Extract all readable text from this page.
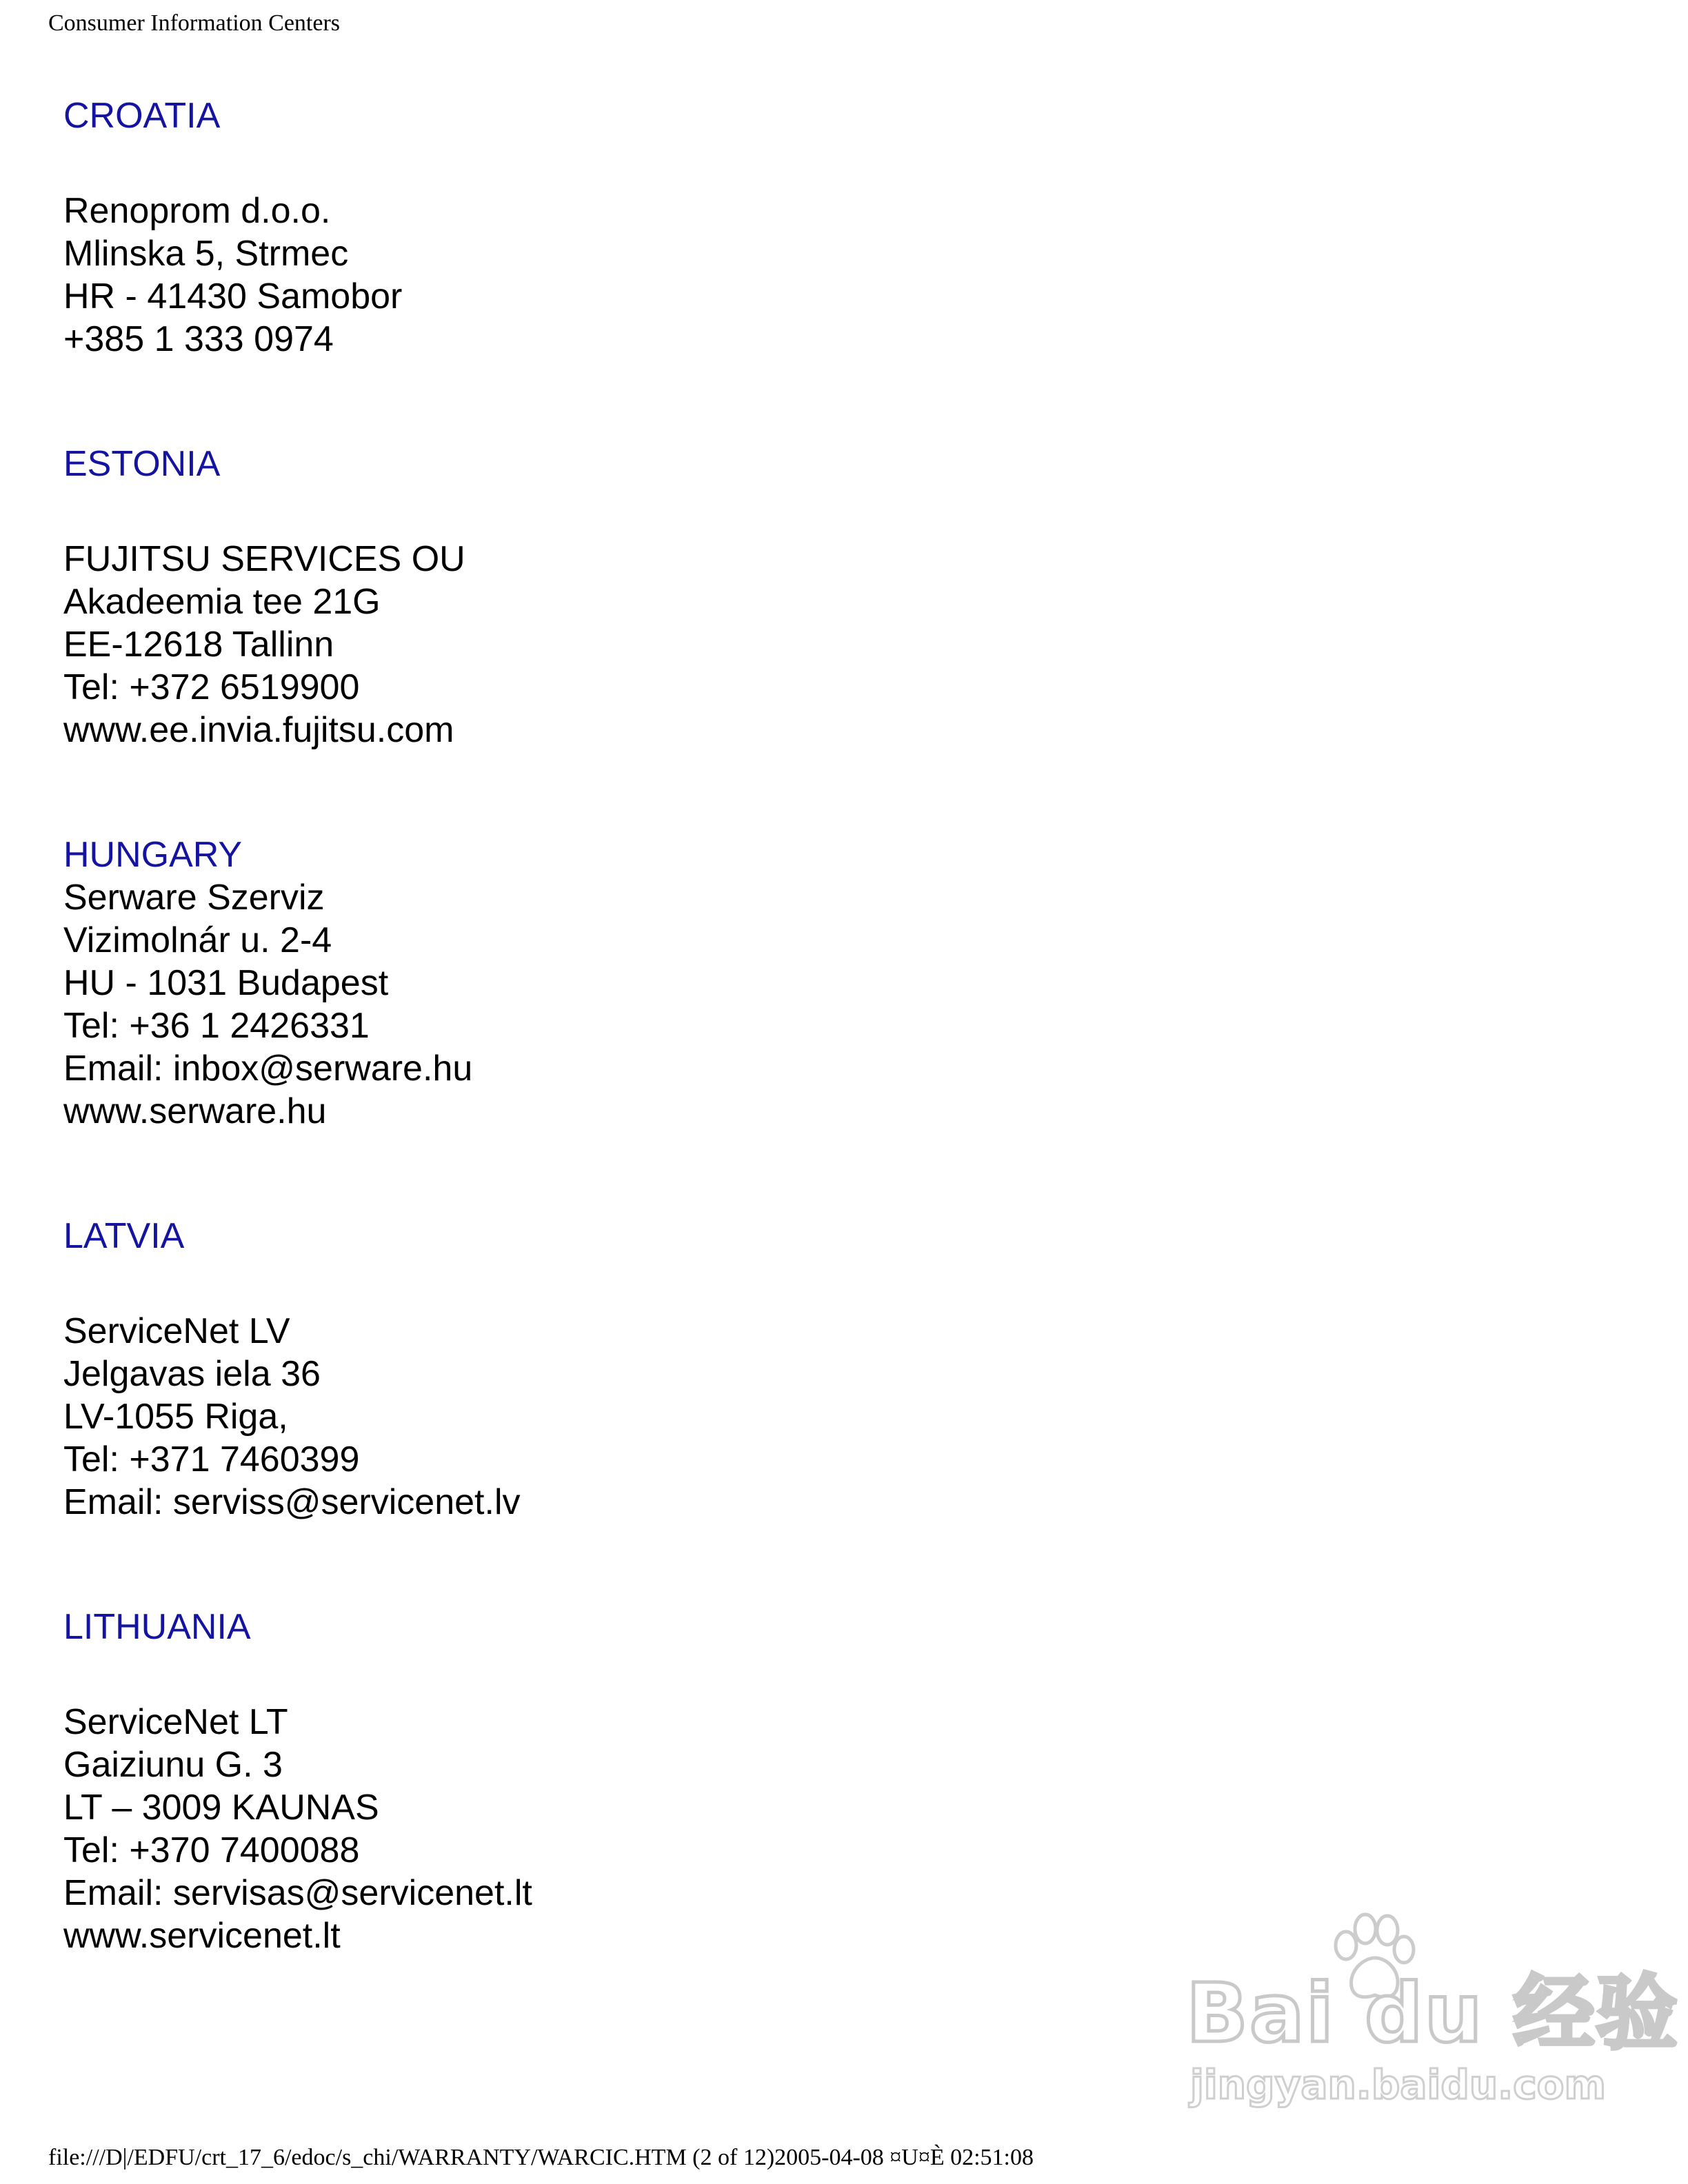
Consumer Information Centers
CROATIA
Renoprom d.o.o.
Mlinska 5, Strmec
HR - 41430 Samobor
+385 1 333 0974
ESTONIA
FUJITSU SERVICES OU
Akadeemia tee 21G
EE-12618 Tallinn
Tel: +372 6519900
www.ee.invia.fujitsu.com
HUNGARY
Serware Szerviz
Vizimolnár u. 2-4
HU - 1031 Budapest
Tel: +36 1 2426331
Email: inbox@serware.hu
www.serware.hu
LATVIA
ServiceNet LV
Jelgavas iela 36
LV-1055 Riga,
Tel: +371 7460399
Email: serviss@servicenet.lv
LITHUANIA
ServiceNet LT
Gaiziunu G. 3
LT – 3009 KAUNAS
Tel: +370 7400088
Email: servisas@servicenet.lt
www.servicenet.lt
Bai du 经验
jingyan.baidu.com
file:///D|/EDFU/crt_17_6/edoc/s_chi/WARRANTY/WARCIC.HTM (2 of 12)2005-04-08 ¤U¤È 02:51:08
